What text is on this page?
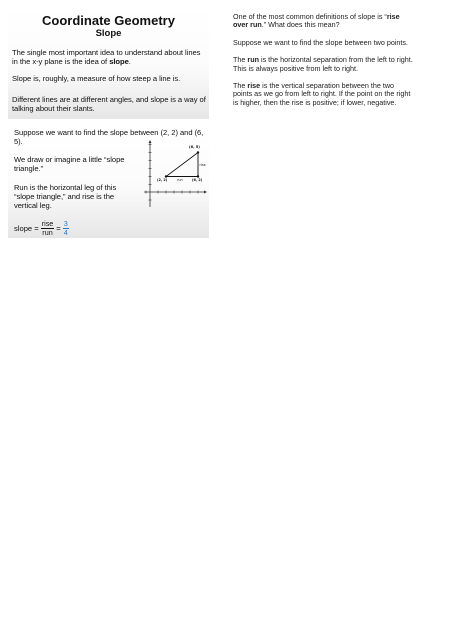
Coordinate Geometry
Slope

The single most important idea to understand about lines in the x-y plane is the idea of slope.

Slope is, roughly, a measure of how steep a line is.

Different lines are at different angles, and slope is a way of talking about their slants.

Suppose we want to find the slope between (2, 2) and (6, 5).

We draw or imagine a little “slope triangle.”

Run is the horizontal leg of this “slope triangle,” and rise is the vertical leg.

slope = $\frac{\text{rise}}{\text{run}} = \frac{3}{4}$
(6, 5)
rise
(2, 2)	run	(6, 2)

One of the most common definitions of slope is “rise over run.” What does this mean?

Suppose we want to find the slope between two points.

The run is the horizontal separation from the left to right. This is always positive from left to right.

The rise is the vertical separation between the two points as we go from left to right. If the point on the right is higher, then the rise is positive; if lower, negative.
